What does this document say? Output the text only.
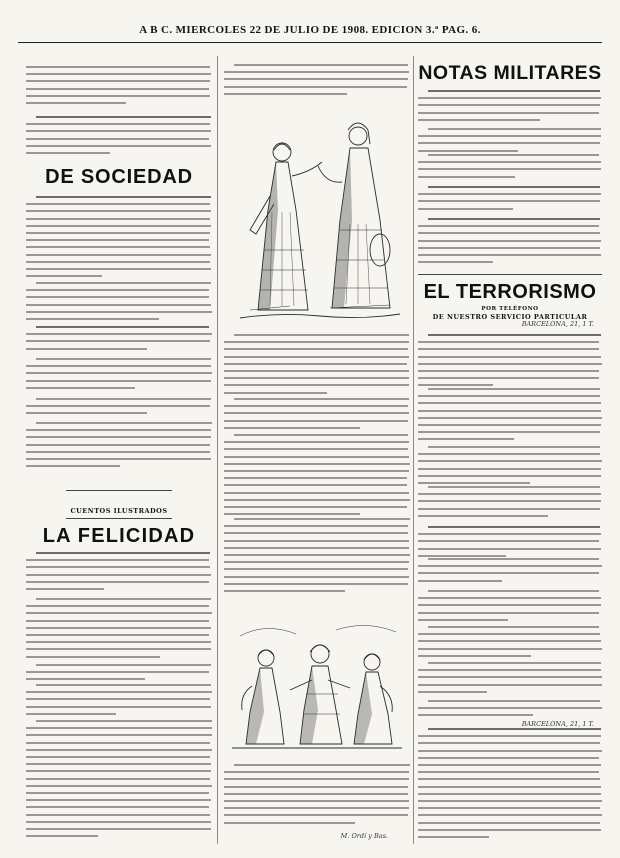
A B C. MIERCOLES 22 DE JULIO DE 1908. EDICION 3.ª PAG. 6.
DE SOCIEDAD
CUENTOS ILUSTRADOS
LA FELICIDAD
M. Ordí y Bas.
NOTAS MILITARES
EL TERRORISMO
POR TELÉFONO
DE NUESTRO SERVICIO PARTICULAR
BARCELONA, 21, 1 T.
BARCELONA, 21, 1 T.
